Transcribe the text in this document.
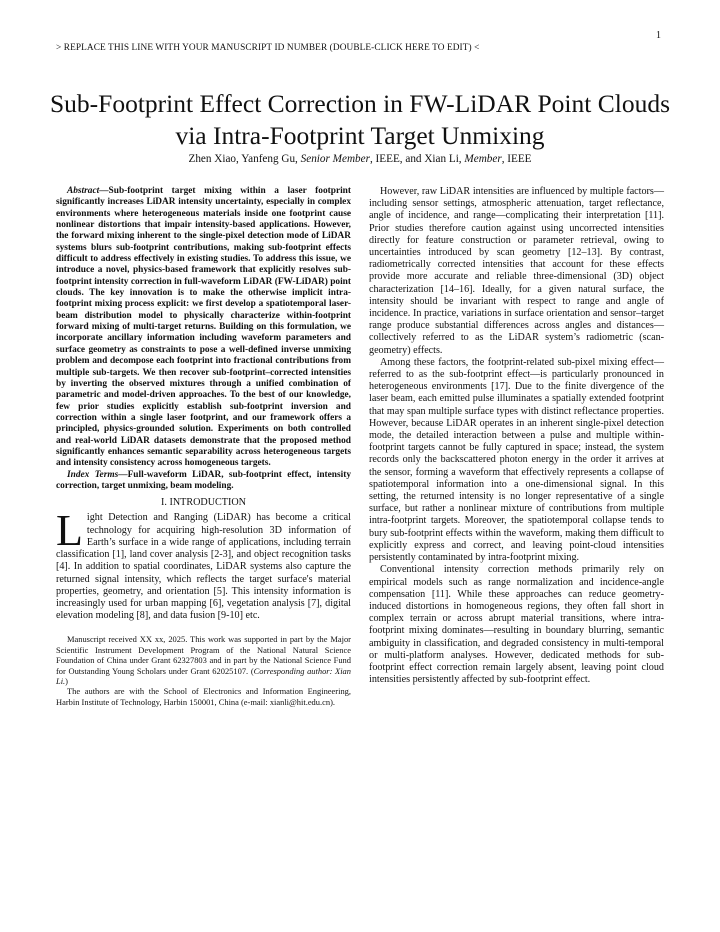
1
> REPLACE THIS LINE WITH YOUR MANUSCRIPT ID NUMBER (DOUBLE-CLICK HERE TO EDIT) <
Sub-Footprint Effect Correction in FW-LiDAR Point Clouds via Intra-Footprint Target Unmixing
Zhen Xiao, Yanfeng Gu, Senior Member, IEEE, and Xian Li, Member, IEEE

Abstract—Sub-footprint target mixing within a laser footprint significantly increases LiDAR intensity uncertainty, especially in complex environments where heterogeneous materials inside one footprint cause nonlinear distortions that impair intensity-based applications. However, the forward mixing inherent to the single-pixel detection mode of LiDAR systems blurs sub-footprint contributions, making sub-footprint effects difficult to address effectively in existing studies. To address this issue, we introduce a novel, physics-based framework that explicitly resolves sub-footprint intensity correction in full-waveform LiDAR (FW-LiDAR) point clouds. The key innovation is to make the otherwise implicit intra-footprint mixing process explicit: we first develop a spatiotemporal laser-beam distribution model to physically characterize within-footprint forward mixing of multi-target returns. Building on this formulation, we incorporate ancillary information including waveform parameters and surface geometry as constraints to pose a well-defined inverse unmixing problem and decompose each footprint into fractional contributions from multiple sub-targets. We then recover sub-footprint–corrected intensities by inverting the observed mixtures through a unified combination of parametric and model-driven approaches. To the best of our knowledge, few prior studies explicitly establish sub-footprint inversion and correction within a single laser footprint, and our framework offers a principled, physics-grounded solution. Experiments on both controlled and real-world LiDAR datasets demonstrate that the proposed method significantly enhances semantic separability across heterogeneous targets and intensity consistency across homogeneous targets.

Index Terms—Full-waveform LiDAR, sub-footprint effect, intensity correction, target unmixing, beam modeling.

I. INTRODUCTION

Light Detection and Ranging (LiDAR) has become a critical technology for acquiring high-resolution 3D information of Earth’s surface in a wide range of applications, including terrain classification [1], land cover analysis [2-3], and object recognition tasks [4]. In addition to spatial coordinates, LiDAR systems also capture the returned signal intensity, which reflects the target surface's material properties, geometry, and orientation [5]. This intensity information is increasingly used for urban mapping [6], vegetation analysis [7], digital elevation modeling [8], and data fusion [9-10] etc.

Manuscript received XX xx, 2025. This work was supported in part by the Major Scientific Instrument Development Program of the National Natural Science Foundation of China under Grant 62327803 and in part by the National Science Fund for Outstanding Young Scholars under Grant 62025107. (Corresponding author: Xian Li.)

The authors are with the School of Electronics and Information Engineering, Harbin Institute of Technology, Harbin 150001, China (e-mail: xianli@hit.edu.cn).

However, raw LiDAR intensities are influenced by multiple factors—including sensor settings, atmospheric attenuation, target reflectance, angle of incidence, and range—complicating their interpretation [11]. Prior studies therefore caution against using uncorrected intensities directly for feature construction or parameter retrieval, owing to uncertainties introduced by scan geometry [12–13]. By contrast, radiometrically corrected intensities that account for these effects provide more accurate and reliable three-dimensional (3D) object characterization [14–16]. Ideally, for a given natural surface, the intensity should be invariant with respect to range and angle of incidence. In practice, variations in surface orientation and sensor–target range produce substantial differences across angles and distances—collectively referred to as the LiDAR system’s radiometric (scan-geometry) effects.

Among these factors, the footprint-related sub-pixel mixing effect—referred to as the sub-footprint effect—is particularly pronounced in heterogeneous environments [17]. Due to the finite divergence of the laser beam, each emitted pulse illuminates a spatially extended footprint that may span multiple surface types with distinct reflectance properties. However, because LiDAR operates in an inherent single-pixel detection mode, the detailed interaction between a pulse and multiple within-footprint targets cannot be fully captured in space; instead, the system records only the backscattered photon energy in the order it arrives at the sensor, forming a waveform that effectively represents a collapse of spatiotemporal information into a one-dimensional signal. In this setting, the returned intensity is no longer representative of a single surface, but rather a nonlinear mixture of contributions from multiple intra-footprint targets. Moreover, the spatiotemporal collapse tends to bury sub-footprint effects within the waveform, making them difficult to explicitly express and correct, and leaving point-cloud intensities persistently contaminated by intra-footprint mixing.

Conventional intensity correction methods primarily rely on empirical models such as range normalization and incidence-angle compensation [11]. While these approaches can reduce geometry-induced distortions in homogeneous regions, they often fall short in complex terrain or across abrupt material transitions, where intra-footprint mixing dominates—resulting in boundary blurring, semantic ambiguity in classification, and degraded consistency in multi-temporal or multi-platform analyses. However, dedicated methods for sub-footprint effect correction remain largely absent, leaving point cloud intensities persistently affected by sub-footprint effect.
